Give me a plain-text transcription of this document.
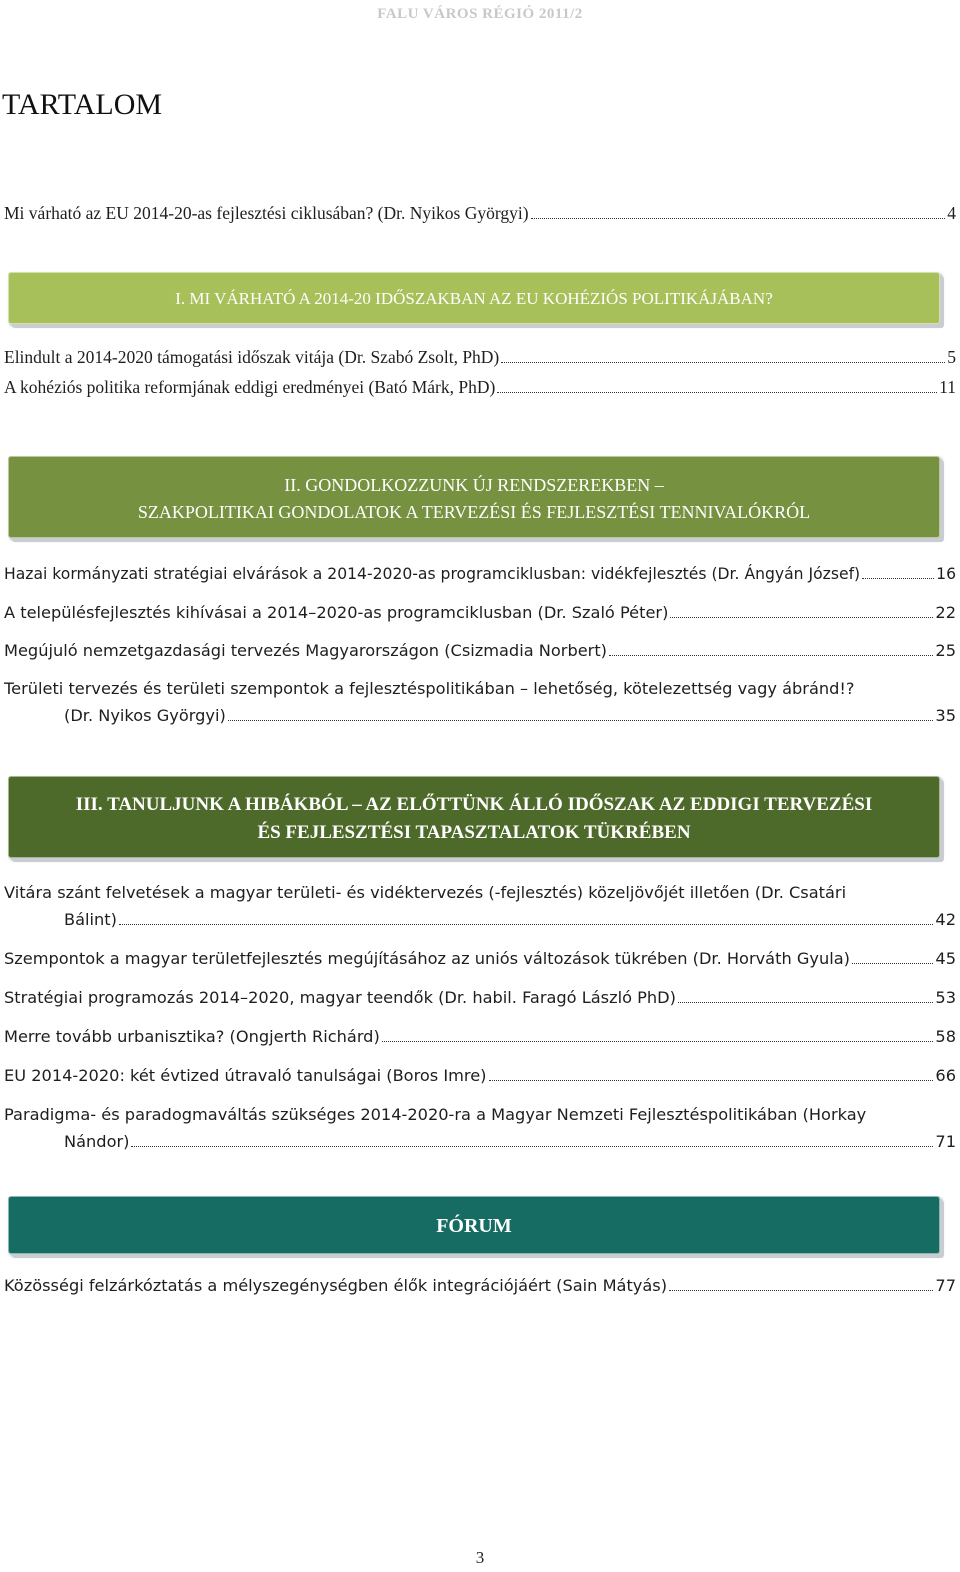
FALU VÁROS RÉGIÓ 2011/2
TARTALOM
Mi várható az EU 2014-20-as fejlesztési ciklusában? (Dr. Nyikos Györgyi)	4
I. MI VÁRHATÓ A 2014-20 IDŐSZAKBAN AZ EU KOHÉZIÓS POLITIKÁJÁBAN?
Elindult a 2014-2020 támogatási időszak vitája (Dr. Szabó Zsolt, PhD)	5
A kohéziós politika reformjának eddigi eredményei (Bató Márk, PhD)	11
II. GONDOLKOZZUNK ÚJ RENDSZEREKBEN –
SZAKPOLITIKAI GONDOLATOK A TERVEZÉSI ÉS FEJLESZTÉSI TENNIVALÓKRÓL
Hazai kormányzati stratégiai elvárások a 2014-2020-as programciklusban: vidékfejlesztés (Dr. Ángyán József)	16
A településfejlesztés kihívásai a 2014–2020-as programciklusban (Dr. Szaló Péter)	22
Megújuló nemzetgazdasági tervezés Magyarországon (Csizmadia Norbert)	25
Területi tervezés és területi szempontok a fejlesztéspolitikában – lehetőség, kötelezettség vagy ábránd!?
(Dr. Nyikos Györgyi)	35
III. TANULJUNK A HIBÁKBÓL – AZ ELŐTTÜNK ÁLLÓ IDŐSZAK AZ EDDIGI TERVEZÉSI
ÉS FEJLESZTÉSI TAPASZTALATOK TÜKRÉBEN
Vitára szánt felvetések a magyar területi- és vidéktervezés (-fejlesztés) közeljövőjét illetően (Dr. Csatári
Bálint)	42
Szempontok a magyar területfejlesztés megújításához az uniós változások tükrében (Dr. Horváth Gyula)	45
Stratégiai programozás 2014–2020, magyar teendők (Dr. habil. Faragó László PhD)	53
Merre tovább urbanisztika? (Ongjerth Richárd)	58
EU 2014-2020: két évtized útravaló tanulságai (Boros Imre)	66
Paradigma- és paradogmaváltás szükséges 2014-2020-ra a Magyar Nemzeti Fejlesztéspolitikában (Horkay
Nándor)	71
FÓRUM
Közösségi felzárkóztatás a mélyszegénységben élők integrációjáért (Sain Mátyás)	77
3
